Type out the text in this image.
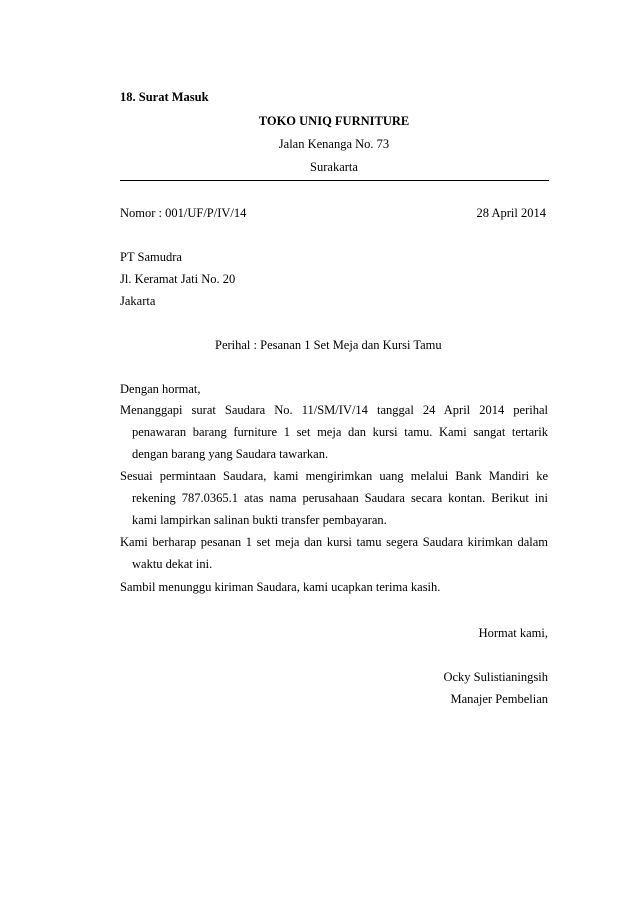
18. Surat Masuk
TOKO UNIQ FURNITURE
Jalan Kenanga No. 73
Surakarta
Nomor : 001/UF/P/IV/14	28 April 2014
PT Samudra
Jl. Keramat Jati No. 20
Jakarta
Perihal : Pesanan 1 Set Meja dan Kursi Tamu
Dengan hormat,
Menanggapi surat Saudara No. 11/SM/IV/14 tanggal 24 April 2014 perihal
penawaran barang furniture 1 set meja dan kursi tamu. Kami sangat tertarik
dengan barang yang Saudara tawarkan.
Sesuai permintaan Saudara, kami mengirimkan uang melalui Bank Mandiri ke
rekening 787.0365.1 atas nama perusahaan Saudara secara kontan. Berikut ini
kami lampirkan salinan bukti transfer pembayaran.
Kami berharap pesanan 1 set meja dan kursi tamu segera Saudara kirimkan dalam
waktu dekat ini.
Sambil menunggu kiriman Saudara, kami ucapkan terima kasih.
Hormat kami,
Ocky Sulistianingsih
Manajer Pembelian
